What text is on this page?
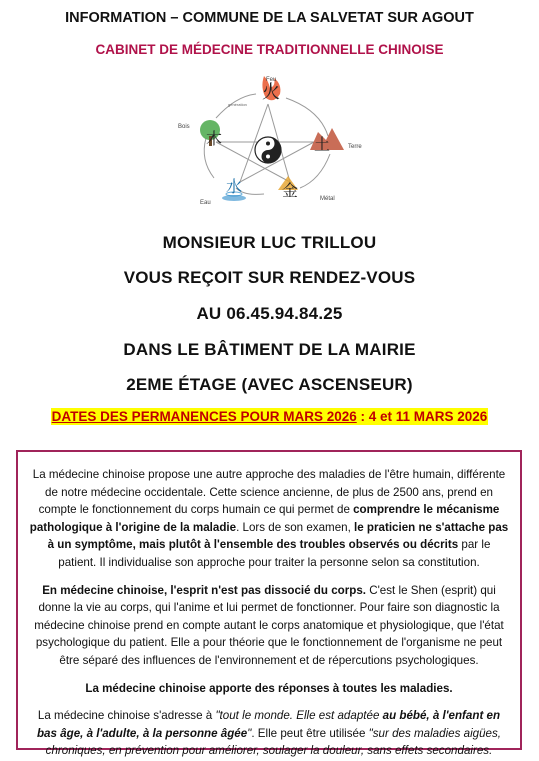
INFORMATION – COMMUNE DE LA SALVETAT SUR AGOUT
CABINET DE MÉDECINE TRADITIONNELLE CHINOISE
火
Feu
土	Terre
金	Métal
水
Eau
木
Bois
génération
MONSIEUR LUC TRILLOU
VOUS REÇOIT SUR RENDEZ-VOUS
AU 06.45.94.84.25
DANS LE BÂTIMENT DE LA MAIRIE
2EME ÉTAGE (AVEC ASCENSEUR)
DATES DES PERMANENCES POUR MARS 2026 : 4 et 11 MARS 2026

La médecine chinoise propose une autre approche des maladies de l'être humain, différente de notre médecine occidentale. Cette science ancienne, de plus de 2500 ans, prend en compte le fonctionnement du corps humain ce qui permet de comprendre le mécanisme pathologique à l'origine de la maladie. Lors de son examen, le praticien ne s'attache pas à un symptôme, mais plutôt à l'ensemble des troubles observés ou décrits par le patient. Il individualise son approche pour traiter la personne selon sa constitution.

En médecine chinoise, l'esprit n'est pas dissocié du corps. C'est le Shen (esprit) qui donne la vie au corps, qui l'anime et lui permet de fonctionner. Pour faire son diagnostic la médecine chinoise prend en compte autant le corps anatomique et physiologique, que l'état psychologique du patient. Elle a pour théorie que le fonctionnement de l'organisme ne peut être séparé des influences de l'environnement et de répercutions psychologiques.

La médecine chinoise apporte des réponses à toutes les maladies.

La médecine chinoise s'adresse à "tout le monde. Elle est adaptée au bébé, à l'enfant en bas âge, à l'adulte, à la personne âgée". Elle peut être utilisée "sur des maladies aigües, chroniques, en prévention pour améliorer, soulager la douleur, sans effets secondaires.
